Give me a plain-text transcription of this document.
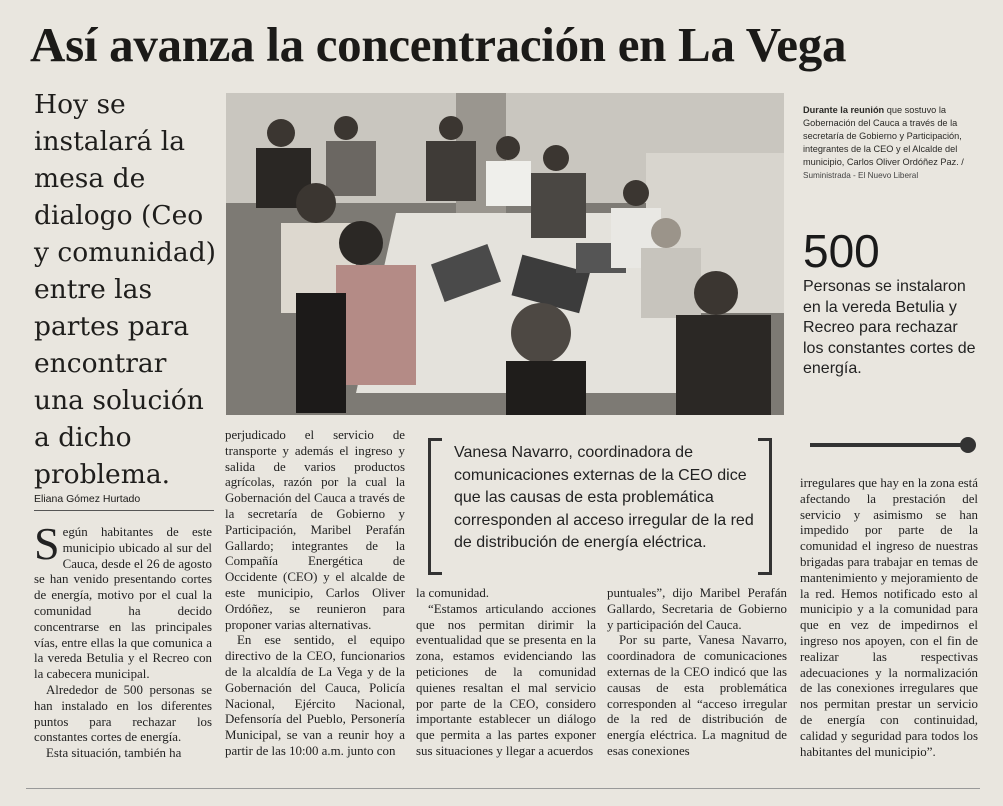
Así avanza la concentración en La Vega

Hoy se instalará la mesa de dialogo (Ceo y comunidad) entre las partes para encontrar una solución a dicho problema.

Eliana Gómez Hurtado
Durante la reunión que sostuvo la Gobernación del Cauca a través de la secretaría de Gobierno y Participación, integrantes de la CEO y el Alcalde del municipio, Carlos Oliver Ordóñez Paz. /
Suministrada - El Nuevo Liberal
500
Personas se instalaron en la vereda Betulia y Recreo para rechazar los constantes cortes de energía.

Según habitantes de este municipio ubicado al sur del Cauca, desde el 26 de agosto se han venido presentando cortes de energía, motivo por el cual la comunidad ha decido concentrarse en las principales vías, entre ellas la que comunica a la vereda Betulia y el Recreo con la cabecera municipal.

Alrededor de 500 personas se han instalado en los diferentes puntos para rechazar los constantes cortes de energía.

Esta situación, también ha

perjudicado el servicio de transporte y además el ingreso y salida de varios productos agrícolas, razón por la cual la Gobernación del Cauca a través de la secretaría de Gobierno y Participación, Maribel Perafán Gallardo; integrantes de la Compañía Energética de Occidente (CEO) y el alcalde de este municipio, Carlos Oliver Ordóñez, se reunieron para proponer varias alternativas.

En ese sentido, el equipo directivo de la CEO, funcionarios de la alcaldía de La Vega y de la Gobernación del Cauca, Policía Nacional, Ejército Nacional, Defensoría del Pueblo, Personería Municipal, se van a reunir hoy a partir de las 10:00 a.m. junto con

Vanesa Navarro, coordinadora de comunicaciones externas de la CEO dice que las causas de esta problemática corresponden al acceso irregular de la red de distribución de energía eléctrica.

la comunidad.

“Estamos articulando acciones que nos permitan dirimir la eventualidad que se presenta en la zona, estamos evidenciando las peticiones de la comunidad quienes resaltan el mal servicio por parte de la CEO, considero importante establecer un diálogo que permita a las partes exponer sus situaciones y llegar a acuerdos

puntuales”, dijo Maribel Perafán Gallardo, Secretaria de Gobierno y participación del Cauca.

Por su parte, Vanesa Navarro, coordinadora de comunicaciones externas de la CEO indicó que las causas de esta problemática corresponden al “acceso irregular de la red de distribución de energía eléctrica. La magnitud de esas conexiones

irregulares que hay en la zona está afectando la prestación del servicio y asimismo se han impedido por parte de la comunidad el ingreso de nuestras brigadas para trabajar en temas de mantenimiento y mejoramiento de la red. Hemos notificado esto al municipio y a la comunidad para que en vez de impedirnos el ingreso nos apoyen, con el fin de realizar las respectivas adecuaciones y la normalización de las conexiones irregulares que nos permitan prestar un servicio de energía con continuidad, calidad y seguridad para todos los habitantes del municipio”.
